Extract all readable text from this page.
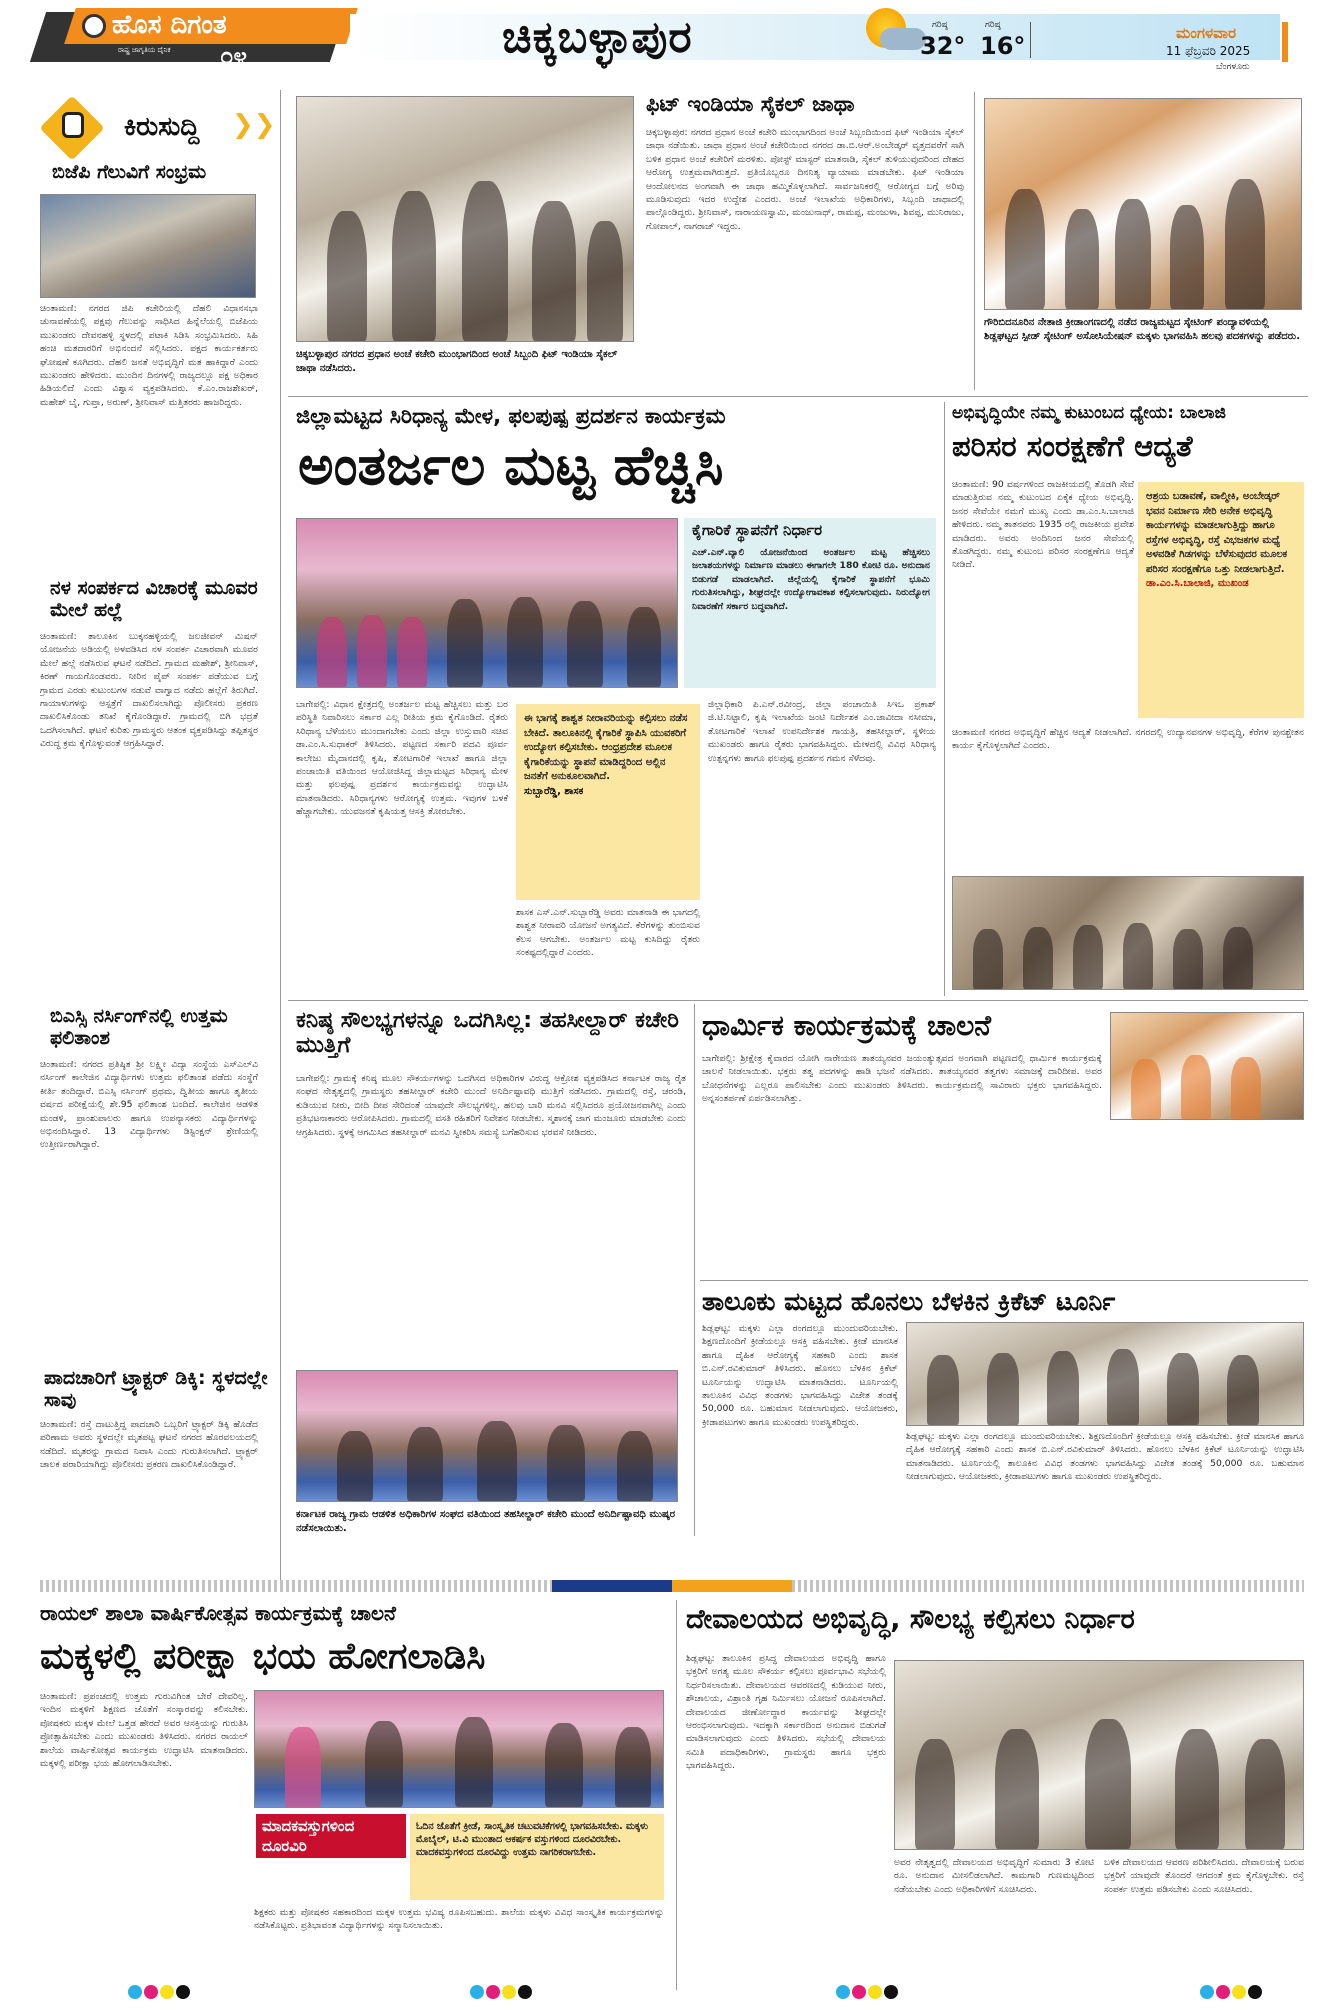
ಹೊಸ ದಿಗಂತ
ರಾಷ್ಟ್ರ ಜಾಗೃತಿಯ ದೈನಿಕ ೦೪	ಚಿಕ್ಕಬಳ್ಳಾಪುರ	ಗರಿಷ್ಠ
32°
ಗರಿಷ್ಠ
16°	ಮಂಗಳವಾರ
11 ಫೆಬ್ರವರಿ 2025
ಬೆಂಗಳೂರು
ಕಿರುಸುದ್ದಿ ❯❯
ಬಿಜೆಪಿ ಗೆಲುವಿಗೆ ಸಂಭ್ರಮ
ಚಿಂತಾಮಣಿ: ನಗರದ ಜಿಪಿ ಕಚೇರಿಯಲ್ಲಿ ದೆಹಲಿ ವಿಧಾನಸಭಾ ಚುನಾವಣೆಯಲ್ಲಿ ಪಕ್ಷವು ಗೆಲುವನ್ನು ಸಾಧಿಸಿದ ಹಿನ್ನೆಲೆಯಲ್ಲಿ ಬಿಜೆಪಿಯ ಮುಖಂಡರು ದೇವನಹಳ್ಳಿ ಸ್ಥಳದಲ್ಲಿ ಪಟಾಕಿ ಸಿಡಿಸಿ ಸಂಭ್ರಮಿಸಿದರು. ಸಿಹಿ ಹಂಚಿ ಮತದಾರರಿಗೆ ಅಭಿನಂದನೆ ಸಲ್ಲಿಸಿದರು. ಪಕ್ಷದ ಕಾರ್ಯಕರ್ತರು ಘೋಷಣೆ ಕೂಗಿದರು. ದೆಹಲಿ ಜನತೆ ಅಭಿವೃದ್ಧಿಗೆ ಮತ ಹಾಕಿದ್ದಾರೆ ಎಂದು ಮುಖಂಡರು ಹೇಳಿದರು. ಮುಂದಿನ ದಿನಗಳಲ್ಲಿ ರಾಜ್ಯದಲ್ಲೂ ಪಕ್ಷ ಅಧಿಕಾರ ಹಿಡಿಯಲಿದೆ ಎಂದು ವಿಶ್ವಾಸ ವ್ಯಕ್ತಪಡಿಸಿದರು. ಕೆ.ಎಂ.ರಾಜಶೇಖರ್, ಮಹೇಶ್ ಬೈ, ಗುಪ್ತಾ, ಅರುಣ್, ಶ್ರೀನಿವಾಸ್ ಮತ್ತಿತರರು ಹಾಜರಿದ್ದರು.
ನಳ ಸಂಪರ್ಕದ ವಿಚಾರಕ್ಕೆ ಮೂವರ ಮೇಲೆ ಹಲ್ಲೆ
ಚಿಂತಾಮಣಿ: ತಾಲೂಕಿನ ಬುಕ್ಕನಹಳ್ಳಿಯಲ್ಲಿ ಜಲಜೀವನ್ ಮಿಷನ್ ಯೋಜನೆಯ ಅಡಿಯಲ್ಲಿ ಅಳವಡಿಸಿದ ನಳ ಸಂಪರ್ಕ ವಿಚಾರವಾಗಿ ಮೂವರ ಮೇಲೆ ಹಲ್ಲೆ ನಡೆಸಿರುವ ಘಟನೆ ನಡೆದಿದೆ. ಗ್ರಾಮದ ಮಹೇಶ್, ಶ್ರೀನಿವಾಸ್, ಕಿರಣ್ ಗಾಯಗೊಂಡವರು. ನೀರಿನ ಪೈಪ್ ಸಂಪರ್ಕ ಪಡೆಯುವ ಬಗ್ಗೆ ಗ್ರಾಮದ ಎರಡು ಕುಟುಂಬಗಳ ನಡುವೆ ವಾಗ್ವಾದ ನಡೆದು ಹಲ್ಲೆಗೆ ತಿರುಗಿದೆ. ಗಾಯಾಳುಗಳನ್ನು ಆಸ್ಪತ್ರೆಗೆ ದಾಖಲಿಸಲಾಗಿದ್ದು ಪೊಲೀಸರು ಪ್ರಕರಣ ದಾಖಲಿಸಿಕೊಂಡು ತನಿಖೆ ಕೈಗೊಂಡಿದ್ದಾರೆ. ಗ್ರಾಮದಲ್ಲಿ ಬಿಗಿ ಭದ್ರತೆ ಒದಗಿಸಲಾಗಿದೆ. ಘಟನೆ ಕುರಿತು ಗ್ರಾಮಸ್ಥರು ಆತಂಕ ವ್ಯಕ್ತಪಡಿಸಿದ್ದು ತಪ್ಪಿತಸ್ಥರ ವಿರುದ್ಧ ಕ್ರಮ ಕೈಗೊಳ್ಳುವಂತೆ ಆಗ್ರಹಿಸಿದ್ದಾರೆ.
ಬಿಎಸ್ಸಿ ನರ್ಸಿಂಗ್‌ನಲ್ಲಿ ಉತ್ತಮ ಫಲಿತಾಂಶ
ಚಿಂತಾಮಣಿ: ನಗರದ ಪ್ರತಿಷ್ಠಿತ ಶ್ರೀ ಲಕ್ಷ್ಮೀ ವಿದ್ಯಾ ಸಂಸ್ಥೆಯ ಎಸ್‌ಎಲ್‌ವಿ ನರ್ಸಿಂಗ್ ಕಾಲೇಜಿನ ವಿದ್ಯಾರ್ಥಿಗಳು ಉತ್ತಮ ಫಲಿತಾಂಶ ಪಡೆದು ಸಂಸ್ಥೆಗೆ ಕೀರ್ತಿ ತಂದಿದ್ದಾರೆ. ಬಿಎಸ್ಸಿ ನರ್ಸಿಂಗ್ ಪ್ರಥಮ, ದ್ವಿತೀಯ ಹಾಗೂ ತೃತೀಯ ವರ್ಷದ ಪರೀಕ್ಷೆಯಲ್ಲಿ ಶೇ.95 ಫಲಿತಾಂಶ ಬಂದಿದೆ. ಕಾಲೇಜಿನ ಆಡಳಿತ ಮಂಡಳಿ, ಪ್ರಾಂಶುಪಾಲರು ಹಾಗೂ ಉಪನ್ಯಾಸಕರು ವಿದ್ಯಾರ್ಥಿಗಳನ್ನು ಅಭಿನಂದಿಸಿದ್ದಾರೆ. 13 ವಿದ್ಯಾರ್ಥಿಗಳು ಡಿಸ್ಟಿಂಕ್ಷನ್ ಶ್ರೇಣಿಯಲ್ಲಿ ಉತ್ತೀರ್ಣರಾಗಿದ್ದಾರೆ.
ಪಾದಚಾರಿಗೆ ಟ್ರ್ಯಾಕ್ಟರ್ ಡಿಕ್ಕಿ: ಸ್ಥಳದಲ್ಲೇ ಸಾವು
ಚಿಂತಾಮಣಿ: ರಸ್ತೆ ದಾಟುತ್ತಿದ್ದ ಪಾದಚಾರಿ ಒಬ್ಬರಿಗೆ ಟ್ರ್ಯಾಕ್ಟರ್ ಡಿಕ್ಕಿ ಹೊಡೆದ ಪರಿಣಾಮ ಅವರು ಸ್ಥಳದಲ್ಲೇ ಮೃತಪಟ್ಟ ಘಟನೆ ನಗರದ ಹೊರವಲಯದಲ್ಲಿ ನಡೆದಿದೆ. ಮೃತರನ್ನು ಗ್ರಾಮದ ನಿವಾಸಿ ಎಂದು ಗುರುತಿಸಲಾಗಿದೆ. ಟ್ರ್ಯಾಕ್ಟರ್ ಚಾಲಕ ಪರಾರಿಯಾಗಿದ್ದು ಪೊಲೀಸರು ಪ್ರಕರಣ ದಾಖಲಿಸಿಕೊಂಡಿದ್ದಾರೆ.
ಚಿಕ್ಕಬಳ್ಳಾಪುರ ನಗರದ ಪ್ರಧಾನ ಅಂಚೆ ಕಚೇರಿ ಮುಂಭಾಗದಿಂದ ಅಂಚೆ ಸಿಬ್ಬಂದಿ ಫಿಟ್ ಇಂಡಿಯಾ ಸೈಕಲ್ ಜಾಥಾ ನಡೆಸಿದರು.
ಫಿಟ್ ಇಂಡಿಯಾ ಸೈಕಲ್ ಜಾಥಾ
ಚಿಕ್ಕಬಳ್ಳಾಪುರ: ನಗರದ ಪ್ರಧಾನ ಅಂಚೆ ಕಚೇರಿ ಮುಂಭಾಗದಿಂದ ಅಂಚೆ ಸಿಬ್ಬಂದಿಯಿಂದ ಫಿಟ್ ಇಂಡಿಯಾ ಸೈಕಲ್ ಜಾಥಾ ನಡೆಯಿತು. ಜಾಥಾ ಪ್ರಧಾನ ಅಂಚೆ ಕಚೇರಿಯಿಂದ ನಗರದ ಡಾ.ಬಿ.ಆರ್.ಅಂಬೇಡ್ಕರ್ ವೃತ್ತದವರೆಗೆ ಸಾಗಿ ಬಳಿಕ ಪ್ರಧಾನ ಅಂಚೆ ಕಚೇರಿಗೆ ಮರಳಿತು. ಪೋಸ್ಟ್ ಮಾಸ್ಟರ್ ಮಾತನಾಡಿ, ಸೈಕಲ್ ತುಳಿಯುವುದರಿಂದ ದೇಹದ ಆರೋಗ್ಯ ಉತ್ತಮವಾಗಿರುತ್ತದೆ. ಪ್ರತಿಯೊಬ್ಬರೂ ದಿನನಿತ್ಯ ವ್ಯಾಯಾಮ ಮಾಡಬೇಕು. ಫಿಟ್ ಇಂಡಿಯಾ ಆಂದೋಲನದ ಅಂಗವಾಗಿ ಈ ಜಾಥಾ ಹಮ್ಮಿಕೊಳ್ಳಲಾಗಿದೆ. ಸಾರ್ವಜನಿಕರಲ್ಲಿ ಆರೋಗ್ಯದ ಬಗ್ಗೆ ಅರಿವು ಮೂಡಿಸುವುದು ಇದರ ಉದ್ದೇಶ ಎಂದರು. ಅಂಚೆ ಇಲಾಖೆಯ ಅಧಿಕಾರಿಗಳು, ಸಿಬ್ಬಂದಿ ಜಾಥಾದಲ್ಲಿ ಪಾಲ್ಗೊಂಡಿದ್ದರು. ಶ್ರೀನಿವಾಸ್, ನಾರಾಯಣಸ್ವಾಮಿ, ಮಂಜುನಾಥ್, ರಾಮಪ್ಪ, ಮಂಜುಳಾ, ಶಿವಪ್ಪ, ಮುನಿರಾಜು, ಗೋಪಾಲ್, ನಾಗರಾಜ್ ಇದ್ದರು.
ಗೌರಿಬಿದನೂರಿನ ನೇತಾಜಿ ಕ್ರೀಡಾಂಗಣದಲ್ಲಿ ನಡೆದ ರಾಜ್ಯಮಟ್ಟದ ಸ್ಕೇಟಿಂಗ್ ಪಂದ್ಯಾವಳಿಯಲ್ಲಿ ಶಿಡ್ಲಘಟ್ಟದ ಸ್ಪೀಡ್ ಸ್ಕೇಟಿಂಗ್ ಅಸೋಸಿಯೇಷನ್ ಮಕ್ಕಳು ಭಾಗವಹಿಸಿ ಹಲವು ಪದಕಗಳನ್ನು ಪಡೆದರು.
ಜಿಲ್ಲಾಮಟ್ಟದ ಸಿರಿಧಾನ್ಯ ಮೇಳ, ಫಲಪುಷ್ಪ ಪ್ರದರ್ಶನ ಕಾರ್ಯಕ್ರಮ
ಅಂತರ್ಜಲ ಮಟ್ಟ ಹೆಚ್ಚಿಸಿ
ಕೈಗಾರಿಕೆ ಸ್ಥಾಪನೆಗೆ ನಿರ್ಧಾರ
ಎಚ್.ಎನ್.ವ್ಯಾಲಿ ಯೋಜನೆಯಿಂದ ಅಂತರ್ಜಲ ಮಟ್ಟ ಹೆಚ್ಚಿಸಲು ಜಲಾಶಯಗಳನ್ನು ನಿರ್ಮಾಣ ಮಾಡಲು ಈಗಾಗಲೇ 180 ಕೋಟಿ ರೂ. ಅನುದಾನ ಬಿಡುಗಡೆ ಮಾಡಲಾಗಿದೆ. ಜಿಲ್ಲೆಯಲ್ಲಿ ಕೈಗಾರಿಕೆ ಸ್ಥಾಪನೆಗೆ ಭೂಮಿ ಗುರುತಿಸಲಾಗಿದ್ದು, ಶೀಘ್ರದಲ್ಲೇ ಉದ್ಯೋಗಾವಕಾಶ ಕಲ್ಪಿಸಲಾಗುವುದು. ನಿರುದ್ಯೋಗ ನಿವಾರಣೆಗೆ ಸರ್ಕಾರ ಬದ್ಧವಾಗಿದೆ.
ಬಾಗೇಪಲ್ಲಿ: ವಿಧಾನ ಕ್ಷೇತ್ರದಲ್ಲಿ ಅಂತರ್ಜಲ ಮಟ್ಟ ಹೆಚ್ಚಿಸಲು ಮತ್ತು ಬರ ಪರಿಸ್ಥಿತಿ ನಿವಾರಿಸಲು ಸರ್ಕಾರ ಎಲ್ಲ ರೀತಿಯ ಕ್ರಮ ಕೈಗೊಂಡಿದೆ. ರೈತರು ಸಿರಿಧಾನ್ಯ ಬೆಳೆಯಲು ಮುಂದಾಗಬೇಕು ಎಂದು ಜಿಲ್ಲಾ ಉಸ್ತುವಾರಿ ಸಚಿವ ಡಾ.ಎಂ.ಸಿ.ಸುಧಾಕರ್ ತಿಳಿಸಿದರು. ಪಟ್ಟಣದ ಸರ್ಕಾರಿ ಪದವಿ ಪೂರ್ವ ಕಾಲೇಜು ಮೈದಾನದಲ್ಲಿ ಕೃಷಿ, ತೋಟಗಾರಿಕೆ ಇಲಾಖೆ ಹಾಗೂ ಜಿಲ್ಲಾ ಪಂಚಾಯಿತಿ ವತಿಯಿಂದ ಆಯೋಜಿಸಿದ್ದ ಜಿಲ್ಲಾಮಟ್ಟದ ಸಿರಿಧಾನ್ಯ ಮೇಳ ಮತ್ತು ಫಲಪುಷ್ಪ ಪ್ರದರ್ಶನ ಕಾರ್ಯಕ್ರಮವನ್ನು ಉದ್ಘಾಟಿಸಿ ಮಾತನಾಡಿದರು. ಸಿರಿಧಾನ್ಯಗಳು ಆರೋಗ್ಯಕ್ಕೆ ಉತ್ತಮ. ಇವುಗಳ ಬಳಕೆ ಹೆಚ್ಚಾಗಬೇಕು. ಯುವಜನತೆ ಕೃಷಿಯತ್ತ ಆಸಕ್ತಿ ತೋರಬೇಕು.
ಈ ಭಾಗಕ್ಕೆ ಶಾಶ್ವತ ನೀರಾವರಿಯನ್ನು ಕಲ್ಪಿಸಲು ನಡೆಸ ಬೇಕಿದೆ. ತಾಲೂಕಿನಲ್ಲಿ ಕೈಗಾರಿಕೆ ಸ್ಥಾಪಿಸಿ ಯುವಕರಿಗೆ ಉದ್ಯೋಗ ಕಲ್ಪಿಸಬೇಕು. ಆಂಧ್ರಪ್ರದೇಶ ಮೂಲಕ ಕೈಗಾರಿಕೆಯನ್ನು ಸ್ಥಾಪನೆ ಮಾಡಿದ್ದರಿಂದ ಅಲ್ಲಿನ ಜನತೆಗೆ ಅನುಕೂಲವಾಗಿದೆ.
ಸುಬ್ಬಾರೆಡ್ಡಿ, ಶಾಸಕ
ಶಾಸಕ ಎಸ್.ಎನ್.ಸುಬ್ಬಾರೆಡ್ಡಿ ಅವರು ಮಾತನಾಡಿ ಈ ಭಾಗದಲ್ಲಿ ಶಾಶ್ವತ ನೀರಾವರಿ ಯೋಜನೆ ಅಗತ್ಯವಿದೆ. ಕೆರೆಗಳನ್ನು ತುಂಬಿಸುವ ಕೆಲಸ ಆಗಬೇಕು. ಅಂತರ್ಜಲ ಮಟ್ಟ ಕುಸಿದಿದ್ದು ರೈತರು ಸಂಕಷ್ಟದಲ್ಲಿದ್ದಾರೆ ಎಂದರು.
ಜಿಲ್ಲಾಧಿಕಾರಿ ಪಿ.ಎನ್.ರವೀಂದ್ರ, ಜಿಲ್ಲಾ ಪಂಚಾಯಿತಿ ಸಿಇಒ ಪ್ರಕಾಶ್ ಜಿ.ಟಿ.ನಿಟ್ಟಾಲಿ, ಕೃಷಿ ಇಲಾಖೆಯ ಜಂಟಿ ನಿರ್ದೇಶಕ ಎಂ.ಜಾವೀದಾ ನಸೀಮಾ, ತೋಟಗಾರಿಕೆ ಇಲಾಖೆ ಉಪನಿರ್ದೇಶಕ ಗಾಯತ್ರಿ, ತಹಸೀಲ್ದಾರ್, ಸ್ಥಳೀಯ ಮುಖಂಡರು ಹಾಗೂ ರೈತರು ಭಾಗವಹಿಸಿದ್ದರು. ಮೇಳದಲ್ಲಿ ವಿವಿಧ ಸಿರಿಧಾನ್ಯ ಉತ್ಪನ್ನಗಳು ಹಾಗೂ ಫಲಪುಷ್ಪ ಪ್ರದರ್ಶನ ಗಮನ ಸೆಳೆದವು.
ಅಭಿವೃದ್ಧಿಯೇ ನಮ್ಮ ಕುಟುಂಬದ ಧ್ಯೇಯ: ಬಾಲಾಜಿ
ಪರಿಸರ ಸಂರಕ್ಷಣೆಗೆ ಆದ್ಯತೆ
ಚಿಂತಾಮಣಿ: 90 ವರ್ಷಗಳಿಂದ ರಾಜಕೀಯದಲ್ಲಿ ತೊಡಗಿ ಸೇವೆ ಮಾಡುತ್ತಿರುವ ನಮ್ಮ ಕುಟುಂಬದ ಏಕೈಕ ಧ್ಯೇಯ ಅಭಿವೃದ್ಧಿ. ಜನರ ಸೇವೆಯೇ ನಮಗೆ ಮುಖ್ಯ ಎಂದು ಡಾ.ಎಂ.ಸಿ.ಬಾಲಾಜಿ ಹೇಳಿದರು. ನಮ್ಮ ತಾತನವರು 1935 ರಲ್ಲಿ ರಾಜಕೀಯ ಪ್ರವೇಶ ಮಾಡಿದರು. ಅವರು ಅಂದಿನಿಂದ ಜನರ ಸೇವೆಯಲ್ಲಿ ತೊಡಗಿದ್ದರು. ನಮ್ಮ ಕುಟುಂಬ ಪರಿಸರ ಸಂರಕ್ಷಣೆಗೂ ಆದ್ಯತೆ ನೀಡಿದೆ.
ಆಶ್ರಯ ಬಡಾವಣೆ, ವಾಲ್ಮೀಕಿ, ಅಂಬೇಡ್ಕರ್ ಭವನ ನಿರ್ಮಾಣ ಸೇರಿ ಅನೇಕ ಅಭಿವೃದ್ಧಿ ಕಾರ್ಯಗಳನ್ನು ಮಾಡಲಾಗುತ್ತಿದ್ದು ಹಾಗೂ ರಸ್ತೆಗಳ ಅಭಿವೃದ್ಧಿ, ರಸ್ತೆ ವಿಭಜಕಗಳ ಮಧ್ಯೆ ಅಳವಡಿಕೆ ಗಿಡಗಳನ್ನು ಬೆಳೆಸುವುದರ ಮೂಲಕ ಪರಿಸರ ಸಂರಕ್ಷಣೆಗೂ ಒತ್ತು ನೀಡಲಾಗುತ್ತಿದೆ.
ಡಾ.ಎಂ.ಸಿ.ಬಾಲಾಜಿ, ಮುಖಂಡ
ಚಿಂತಾಮಣಿ ನಗರದ ಅಭಿವೃದ್ಧಿಗೆ ಹೆಚ್ಚಿನ ಆದ್ಯತೆ ನೀಡಲಾಗಿದೆ. ನಗರದಲ್ಲಿ ಉದ್ಯಾನವನಗಳ ಅಭಿವೃದ್ಧಿ, ಕೆರೆಗಳ ಪುನಶ್ಚೇತನ ಕಾರ್ಯ ಕೈಗೊಳ್ಳಲಾಗಿದೆ ಎಂದರು.
ಕನಿಷ್ಠ ಸೌಲಭ್ಯಗಳನ್ನೂ ಒದಗಿಸಿಲ್ಲ: ತಹಸೀಲ್ದಾರ್ ಕಚೇರಿ ಮುತ್ತಿಗೆ
ಬಾಗೇಪಲ್ಲಿ: ಗ್ರಾಮಕ್ಕೆ ಕನಿಷ್ಠ ಮೂಲ ಸೌಕರ್ಯಗಳನ್ನು ಒದಗಿಸದ ಅಧಿಕಾರಿಗಳ ವಿರುದ್ಧ ಆಕ್ರೋಶ ವ್ಯಕ್ತಪಡಿಸಿದ ಕರ್ನಾಟಕ ರಾಜ್ಯ ರೈತ ಸಂಘದ ನೇತೃತ್ವದಲ್ಲಿ ಗ್ರಾಮಸ್ಥರು ತಹಸೀಲ್ದಾರ್ ಕಚೇರಿ ಮುಂದೆ ಅನಿರ್ದಿಷ್ಟಾವಧಿ ಮುತ್ತಿಗೆ ನಡೆಸಿದರು. ಗ್ರಾಮದಲ್ಲಿ ರಸ್ತೆ, ಚರಂಡಿ, ಕುಡಿಯುವ ನೀರು, ಬೀದಿ ದೀಪ ಸೇರಿದಂತೆ ಯಾವುದೇ ಸೌಲಭ್ಯಗಳಿಲ್ಲ. ಹಲವು ಬಾರಿ ಮನವಿ ಸಲ್ಲಿಸಿದರೂ ಪ್ರಯೋಜನವಾಗಿಲ್ಲ ಎಂದು ಪ್ರತಿಭಟನಾಕಾರರು ಆರೋಪಿಸಿದರು. ಗ್ರಾಮದಲ್ಲಿ ವಸತಿ ರಹಿತರಿಗೆ ನಿವೇಶನ ನೀಡಬೇಕು. ಸ್ಮಶಾನಕ್ಕೆ ಜಾಗ ಮಂಜೂರು ಮಾಡಬೇಕು ಎಂದು ಆಗ್ರಹಿಸಿದರು. ಸ್ಥಳಕ್ಕೆ ಆಗಮಿಸಿದ ತಹಸೀಲ್ದಾರ್ ಮನವಿ ಸ್ವೀಕರಿಸಿ ಸಮಸ್ಯೆ ಬಗೆಹರಿಸುವ ಭರವಸೆ ನೀಡಿದರು.
ಕರ್ನಾಟಕ ರಾಜ್ಯ ಗ್ರಾಮ ಆಡಳಿತ ಅಧಿಕಾರಿಗಳ ಸಂಘದ ವತಿಯಿಂದ ತಹಸೀಲ್ದಾರ್ ಕಚೇರಿ ಮುಂದೆ ಅನಿರ್ದಿಷ್ಟಾವಧಿ ಮುಷ್ಕರ ನಡೆಸಲಾಯಿತು.
ಧಾರ್ಮಿಕ ಕಾರ್ಯಕ್ರಮಕ್ಕೆ ಚಾಲನೆ
ಬಾಗೇಪಲ್ಲಿ: ಶ್ರೀಕ್ಷೇತ್ರ ಕೈವಾರದ ಯೋಗಿ ನಾರೇಯಣ ತಾತಯ್ಯನವರ ಜಯಂತ್ಯುತ್ಸವದ ಅಂಗವಾಗಿ ಪಟ್ಟಣದಲ್ಲಿ ಧಾರ್ಮಿಕ ಕಾರ್ಯಕ್ರಮಕ್ಕೆ ಚಾಲನೆ ನೀಡಲಾಯಿತು. ಭಕ್ತರು ತತ್ವ ಪದಗಳನ್ನು ಹಾಡಿ ಭಜನೆ ನಡೆಸಿದರು. ತಾತಯ್ಯನವರ ತತ್ವಗಳು ಸಮಾಜಕ್ಕೆ ದಾರಿದೀಪ. ಅವರ ಬೋಧನೆಗಳನ್ನು ಎಲ್ಲರೂ ಪಾಲಿಸಬೇಕು ಎಂದು ಮುಖಂಡರು ತಿಳಿಸಿದರು. ಕಾರ್ಯಕ್ರಮದಲ್ಲಿ ಸಾವಿರಾರು ಭಕ್ತರು ಭಾಗವಹಿಸಿದ್ದರು. ಅನ್ನಸಂತರ್ಪಣೆ ಏರ್ಪಡಿಸಲಾಗಿತ್ತು.
ತಾಲೂಕು ಮಟ್ಟದ ಹೊನಲು ಬೆಳಕಿನ ಕ್ರಿಕೆಟ್ ಟೂರ್ನಿ
ಶಿಡ್ಲಘಟ್ಟ: ಮಕ್ಕಳು ಎಲ್ಲಾ ರಂಗದಲ್ಲೂ ಮುಂದುವರಿಯಬೇಕು. ಶಿಕ್ಷಣದೊಂದಿಗೆ ಕ್ರೀಡೆಯಲ್ಲೂ ಆಸಕ್ತಿ ವಹಿಸಬೇಕು. ಕ್ರೀಡೆ ಮಾನಸಿಕ ಹಾಗೂ ದೈಹಿಕ ಆರೋಗ್ಯಕ್ಕೆ ಸಹಕಾರಿ ಎಂದು ಶಾಸಕ ಬಿ.ಎನ್.ರವಿಕುಮಾರ್ ತಿಳಿಸಿದರು. ಹೊನಲು ಬೆಳಕಿನ ಕ್ರಿಕೆಟ್ ಟೂರ್ನಿಯನ್ನು ಉದ್ಘಾಟಿಸಿ ಮಾತನಾಡಿದರು. ಟೂರ್ನಿಯಲ್ಲಿ ತಾಲೂಕಿನ ವಿವಿಧ ತಂಡಗಳು ಭಾಗವಹಿಸಿದ್ದು ವಿಜೇತ ತಂಡಕ್ಕೆ 50,000 ರೂ. ಬಹುಮಾನ ನೀಡಲಾಗುವುದು. ಆಯೋಜಕರು, ಕ್ರೀಡಾಪಟುಗಳು ಹಾಗೂ ಮುಖಂಡರು ಉಪಸ್ಥಿತರಿದ್ದರು.
ಶಿಡ್ಲಘಟ್ಟ: ಮಕ್ಕಳು ಎಲ್ಲಾ ರಂಗದಲ್ಲೂ ಮುಂದುವರಿಯಬೇಕು. ಶಿಕ್ಷಣದೊಂದಿಗೆ ಕ್ರೀಡೆಯಲ್ಲೂ ಆಸಕ್ತಿ ವಹಿಸಬೇಕು. ಕ್ರೀಡೆ ಮಾನಸಿಕ ಹಾಗೂ ದೈಹಿಕ ಆರೋಗ್ಯಕ್ಕೆ ಸಹಕಾರಿ ಎಂದು ಶಾಸಕ ಬಿ.ಎನ್.ರವಿಕುಮಾರ್ ತಿಳಿಸಿದರು. ಹೊನಲು ಬೆಳಕಿನ ಕ್ರಿಕೆಟ್ ಟೂರ್ನಿಯನ್ನು ಉದ್ಘಾಟಿಸಿ ಮಾತನಾಡಿದರು. ಟೂರ್ನಿಯಲ್ಲಿ ತಾಲೂಕಿನ ವಿವಿಧ ತಂಡಗಳು ಭಾಗವಹಿಸಿದ್ದು ವಿಜೇತ ತಂಡಕ್ಕೆ 50,000 ರೂ. ಬಹುಮಾನ ನೀಡಲಾಗುವುದು. ಆಯೋಜಕರು, ಕ್ರೀಡಾಪಟುಗಳು ಹಾಗೂ ಮುಖಂಡರು ಉಪಸ್ಥಿತರಿದ್ದರು.
ರಾಯಲ್ ಶಾಲಾ ವಾರ್ಷಿಕೋತ್ಸವ ಕಾರ್ಯಕ್ರಮಕ್ಕೆ ಚಾಲನೆ
ಮಕ್ಕಳಲ್ಲಿ ಪರೀಕ್ಷಾ ಭಯ ಹೋಗಲಾಡಿಸಿ
ಚಿಂತಾಮಣಿ: ಪ್ರಪಂಚದಲ್ಲಿ ಉತ್ತಮ ಗುರುವಿಗಿಂತ ಬೇರೆ ದೇವರಿಲ್ಲ. ಇಂದಿನ ಮಕ್ಕಳಿಗೆ ಶಿಕ್ಷಣದ ಜೊತೆಗೆ ಸಂಸ್ಕಾರವನ್ನು ಕಲಿಸಬೇಕು. ಪೋಷಕರು ಮಕ್ಕಳ ಮೇಲೆ ಒತ್ತಡ ಹೇರದೆ ಅವರ ಆಸಕ್ತಿಯನ್ನು ಗುರುತಿಸಿ ಪ್ರೋತ್ಸಾಹಿಸಬೇಕು ಎಂದು ಮುಖಂಡರು ತಿಳಿಸಿದರು. ನಗರದ ರಾಯಲ್ ಶಾಲೆಯ ವಾರ್ಷಿಕೋತ್ಸವ ಕಾರ್ಯಕ್ರಮ ಉದ್ಘಾಟಿಸಿ ಮಾತನಾಡಿದರು. ಮಕ್ಕಳಲ್ಲಿ ಪರೀಕ್ಷಾ ಭಯ ಹೋಗಲಾಡಿಸಬೇಕು.
ಮಾದಕವಸ್ತುಗಳಿಂದ ದೂರವಿರಿ
ಓದಿನ ಜೊತೆಗೆ ಕ್ರೀಡೆ, ಸಾಂಸ್ಕೃತಿಕ ಚಟುವಟಿಕೆಗಳಲ್ಲಿ ಭಾಗವಹಿಸಬೇಕು. ಮಕ್ಕಳು ಮೊಬೈಲ್, ಟಿ.ವಿ ಮುಂತಾದ ಆಕರ್ಷಕ ವಸ್ತುಗಳಿಂದ ದೂರವಿರಬೇಕು. ಮಾದಕವಸ್ತುಗಳಿಂದ ದೂರವಿದ್ದು ಉತ್ತಮ ನಾಗರಿಕರಾಗಬೇಕು.
ಶಿಕ್ಷಕರು ಮತ್ತು ಪೋಷಕರ ಸಹಕಾರದಿಂದ ಮಕ್ಕಳ ಉತ್ತಮ ಭವಿಷ್ಯ ರೂಪಿಸಬಹುದು. ಶಾಲೆಯ ಮಕ್ಕಳು ವಿವಿಧ ಸಾಂಸ್ಕೃತಿಕ ಕಾರ್ಯಕ್ರಮಗಳನ್ನು ನಡೆಸಿಕೊಟ್ಟರು. ಪ್ರತಿಭಾವಂತ ವಿದ್ಯಾರ್ಥಿಗಳನ್ನು ಸನ್ಮಾನಿಸಲಾಯಿತು.
ದೇವಾಲಯದ ಅಭಿವೃದ್ಧಿ, ಸೌಲಭ್ಯ ಕಲ್ಪಿಸಲು ನಿರ್ಧಾರ
ಶಿಡ್ಲಘಟ್ಟ: ತಾಲೂಕಿನ ಪ್ರಸಿದ್ಧ ದೇವಾಲಯದ ಅಭಿವೃದ್ಧಿ ಹಾಗೂ ಭಕ್ತರಿಗೆ ಅಗತ್ಯ ಮೂಲ ಸೌಕರ್ಯ ಕಲ್ಪಿಸಲು ಪೂರ್ವಭಾವಿ ಸಭೆಯಲ್ಲಿ ನಿರ್ಧರಿಸಲಾಯಿತು. ದೇವಾಲಯದ ಆವರಣದಲ್ಲಿ ಕುಡಿಯುವ ನೀರು, ಶೌಚಾಲಯ, ವಿಶ್ರಾಂತಿ ಗೃಹ ನಿರ್ಮಿಸಲು ಯೋಜನೆ ರೂಪಿಸಲಾಗಿದೆ. ದೇವಾಲಯದ ಜೀರ್ಣೋದ್ಧಾರ ಕಾರ್ಯವನ್ನು ಶೀಘ್ರದಲ್ಲೇ ಆರಂಭಿಸಲಾಗುವುದು. ಇದಕ್ಕಾಗಿ ಸರ್ಕಾರದಿಂದ ಅನುದಾನ ಬಿಡುಗಡೆ ಮಾಡಿಸಲಾಗುವುದು ಎಂದು ತಿಳಿಸಿದರು. ಸಭೆಯಲ್ಲಿ ದೇವಾಲಯ ಸಮಿತಿ ಪದಾಧಿಕಾರಿಗಳು, ಗ್ರಾಮಸ್ಥರು ಹಾಗೂ ಭಕ್ತರು ಭಾಗವಹಿಸಿದ್ದರು.
ಅವರ ನೇತೃತ್ವದಲ್ಲಿ ದೇವಾಲಯದ ಅಭಿವೃದ್ಧಿಗೆ ಸುಮಾರು 3 ಕೋಟಿ ರೂ. ಅನುದಾನ ಮೀಸಲಿಡಲಾಗಿದೆ. ಕಾಮಗಾರಿ ಗುಣಮಟ್ಟದಿಂದ ನಡೆಯಬೇಕು ಎಂದು ಅಧಿಕಾರಿಗಳಿಗೆ ಸೂಚಿಸಿದರು.
ಬಳಿಕ ದೇವಾಲಯದ ಆವರಣ ಪರಿಶೀಲಿಸಿದರು. ದೇವಾಲಯಕ್ಕೆ ಬರುವ ಭಕ್ತರಿಗೆ ಯಾವುದೇ ತೊಂದರೆ ಆಗದಂತೆ ಕ್ರಮ ಕೈಗೊಳ್ಳಬೇಕು. ರಸ್ತೆ ಸಂಪರ್ಕ ಉತ್ತಮ ಪಡಿಸಬೇಕು ಎಂದು ಸೂಚಿಸಿದರು.
